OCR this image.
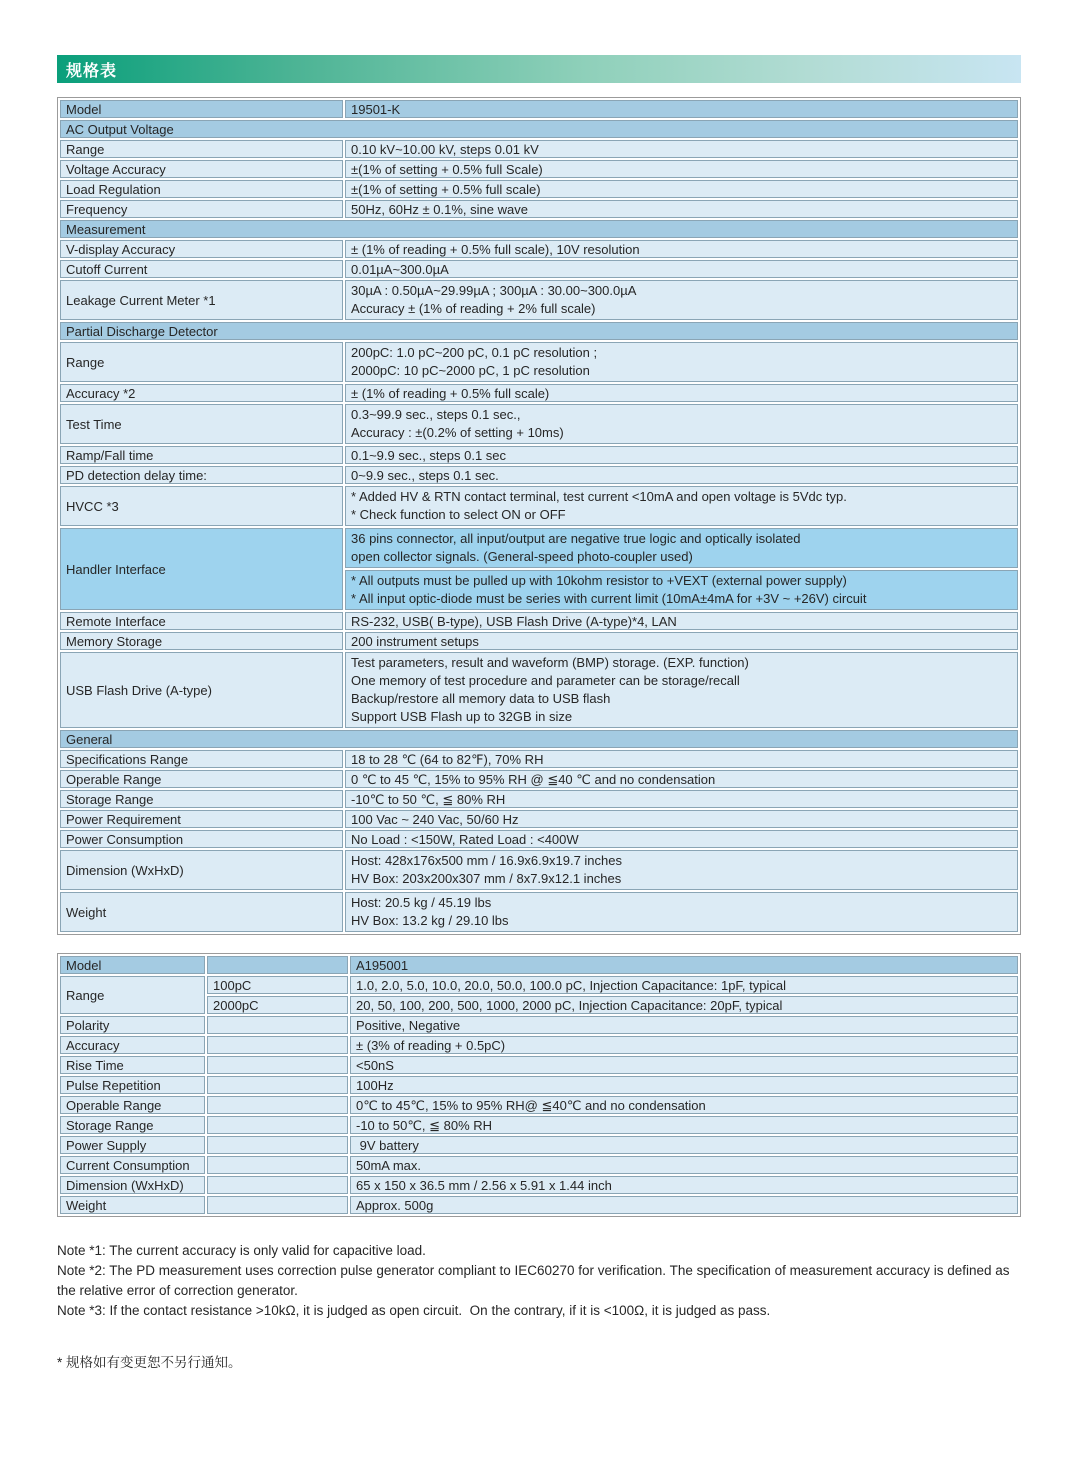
规格表
Model	19501-K
AC Output Voltage	
Range	0.10 kV~10.00 kV, steps 0.01 kV
Voltage Accuracy	±(1% of setting + 0.5% full Scale)
Load Regulation	±(1% of setting + 0.5% full scale)
Frequency	50Hz, 60Hz ± 0.1%, sine wave
Measurement	
V-display Accuracy	± (1% of reading + 0.5% full scale), 10V resolution
Cutoff Current	0.01µA~300.0µA
Leakage Current Meter *1	30µA : 0.50µA~29.99µA ; 300µA : 30.00~300.0µA
Accuracy ± (1% of reading + 2% full scale)

Partial Discharge Detector	
Range	200pC: 1.0 pC~200 pC, 0.1 pC resolution ;
2000pC: 10 pC~2000 pC, 1 pC resolution

Accuracy *2	± (1% of reading + 0.5% full scale)
Test Time	0.3~99.9 sec., steps 0.1 sec.,
Accuracy : ±(0.2% of setting + 10ms)

Ramp/Fall time	0.1~9.9 sec., steps 0.1 sec
PD detection delay time:	0~9.9 sec., steps 0.1 sec.
HVCC *3	* Added HV & RTN contact terminal, test current <10mA and open voltage is 5Vdc typ.
* Check function to select ON or OFF

Handler Interface	36 pins connector, all input/output are negative true logic and optically isolated
open collector signals. (General-speed photo-coupler used)

	* All outputs must be pulled up with 10kohm resistor to +VEXT (external power supply)
* All input optic-diode must be series with current limit (10mA±4mA for +3V ~ +26V) circuit

Remote Interface	RS-232, USB( B-type), USB Flash Drive (A-type)*4, LAN
Memory Storage	200 instrument setups
USB Flash Drive (A-type)	Test parameters, result and waveform (BMP) storage. (EXP. function)
One memory of test procedure and parameter can be storage/recall
Backup/restore all memory data to USB flash
Support USB Flash up to 32GB in size

General	
Specifications Range	18 to 28 ℃ (64 to 82℉), 70% RH
Operable Range	0 ℃ to 45 ℃, 15% to 95% RH @ ≦40 ℃ and no condensation
Storage Range	-10℃ to 50 ℃, ≦ 80% RH
Power Requirement	100 Vac ~ 240 Vac, 50/60 Hz
Power Consumption	No Load : <150W, Rated Load : <400W
Dimension (WxHxD)	Host: 428x176x500 mm / 16.9x6.9x19.7 inches
HV Box: 203x200x307 mm / 8x7.9x12.1 inches

Weight	Host: 20.5 kg / 45.19 lbs
HV Box: 13.2 kg / 29.10 lbs
Model		A195001
Range	100pC	1.0, 2.0, 5.0, 10.0, 20.0, 50.0, 100.0 pC, Injection Capacitance: 1pF, typical
	2000pC	20, 50, 100, 200, 500, 1000, 2000 pC, Injection Capacitance: 20pF, typical
Polarity		Positive, Negative
Accuracy		± (3% of reading + 0.5pC)
Rise Time		<50nS
Pulse Repetition		100Hz
Operable Range		0℃ to 45℃, 15% to 95% RH@ ≦40℃ and no condensation
Storage Range		-10 to 50℃, ≦ 80% RH
Power Supply		9V battery
Current Consumption		50mA max.
Dimension (WxHxD)		65 x 150 x 36.5 mm / 2.56 x 5.91 x 1.44 inch
Weight		Approx. 500g
Note *1: The current accuracy is only valid for capacitive load.
Note *2: The PD measurement uses correction pulse generator compliant to IEC60270 for verification. The specification of measurement accuracy is defined as the relative error of correction generator.
Note *3: If the contact resistance >10kΩ, it is judged as open circuit.  On the contrary, if it is <100Ω, it is judged as pass.
* 规格如有变更恕不另行通知。
